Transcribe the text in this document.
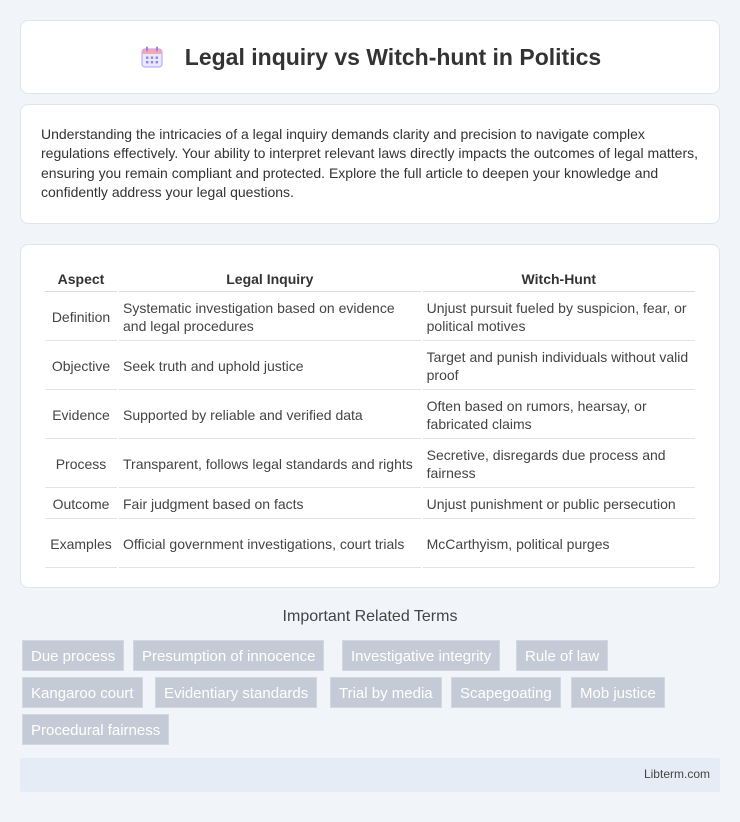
Legal inquiry vs Witch-hunt in Politics

Understanding the intricacies of a legal inquiry demands clarity and precision to navigate complex regulations effectively. Your ability to interpret relevant laws directly impacts the outcomes of legal matters, ensuring you remain compliant and protected. Explore the full article to deepen your knowledge and confidently address your legal questions.

Aspect	Legal Inquiry	Witch-Hunt
Definition	Systematic investigation based on evidence and legal procedures	Unjust pursuit fueled by suspicion, fear, or political motives
Objective	Seek truth and uphold justice	Target and punish individuals without valid proof
Evidence	Supported by reliable and verified data	Often based on rumors, hearsay, or fabricated claims
Process	Transparent, follows legal standards and rights	Secretive, disregards due process and fairness
Outcome	Fair judgment based on facts	Unjust punishment or public persecution
Examples	Official government investigations, court trials	McCarthyism, political purges
Important Related Terms
Due process	Presumption of innocence	Investigative integrity	Rule of law
Kangaroo court	Evidentiary standards	Trial by media	Scapegoating	Mob justice
Procedural fairness
Libterm.com
